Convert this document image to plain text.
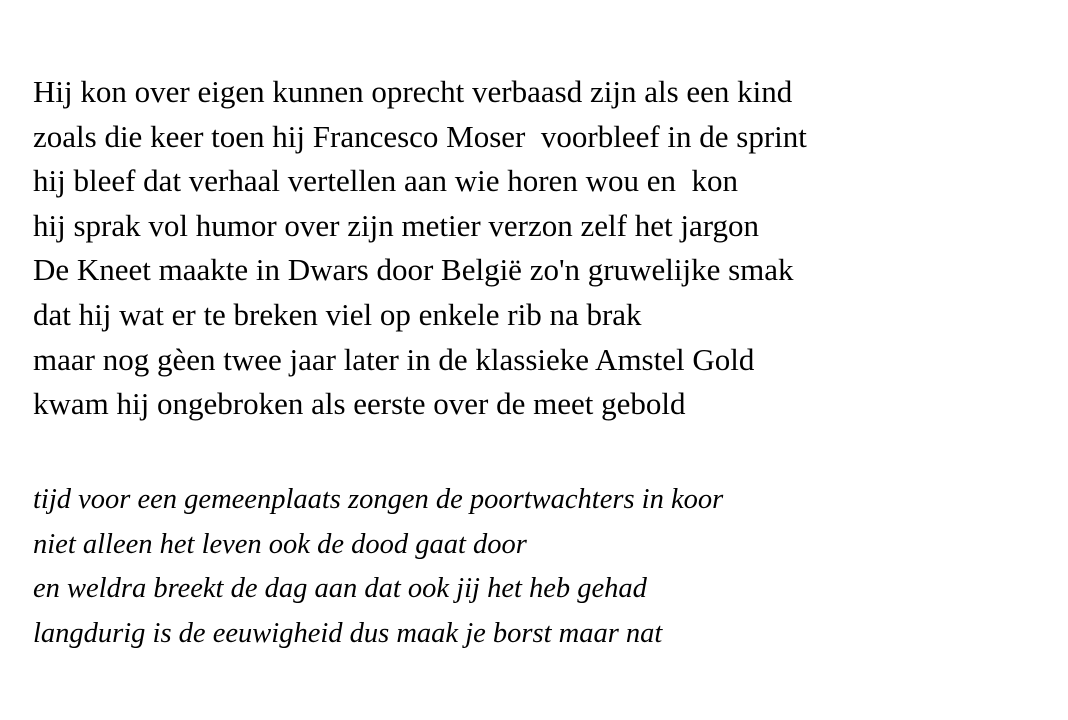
Hij kon over eigen kunnen oprecht verbaasd zijn als een kind
zoals die keer toen hij Francesco Moser  voorbleef in de sprint
hij bleef dat verhaal vertellen aan wie horen wou en  kon
hij sprak vol humor over zijn metier verzon zelf het jargon
De Kneet maakte in Dwars door België zo'n gruwelijke smak
dat hij wat er te breken viel op enkele rib na brak
maar nog gèen twee jaar later in de klassieke Amstel Gold
kwam hij ongebroken als eerste over de meet gebold
tijd voor een gemeenplaats zongen de poortwachters in koor
niet alleen het leven ook de dood gaat door
en weldra breekt de dag aan dat ook jij het heb gehad
langdurig is de eeuwigheid dus maak je borst maar nat
